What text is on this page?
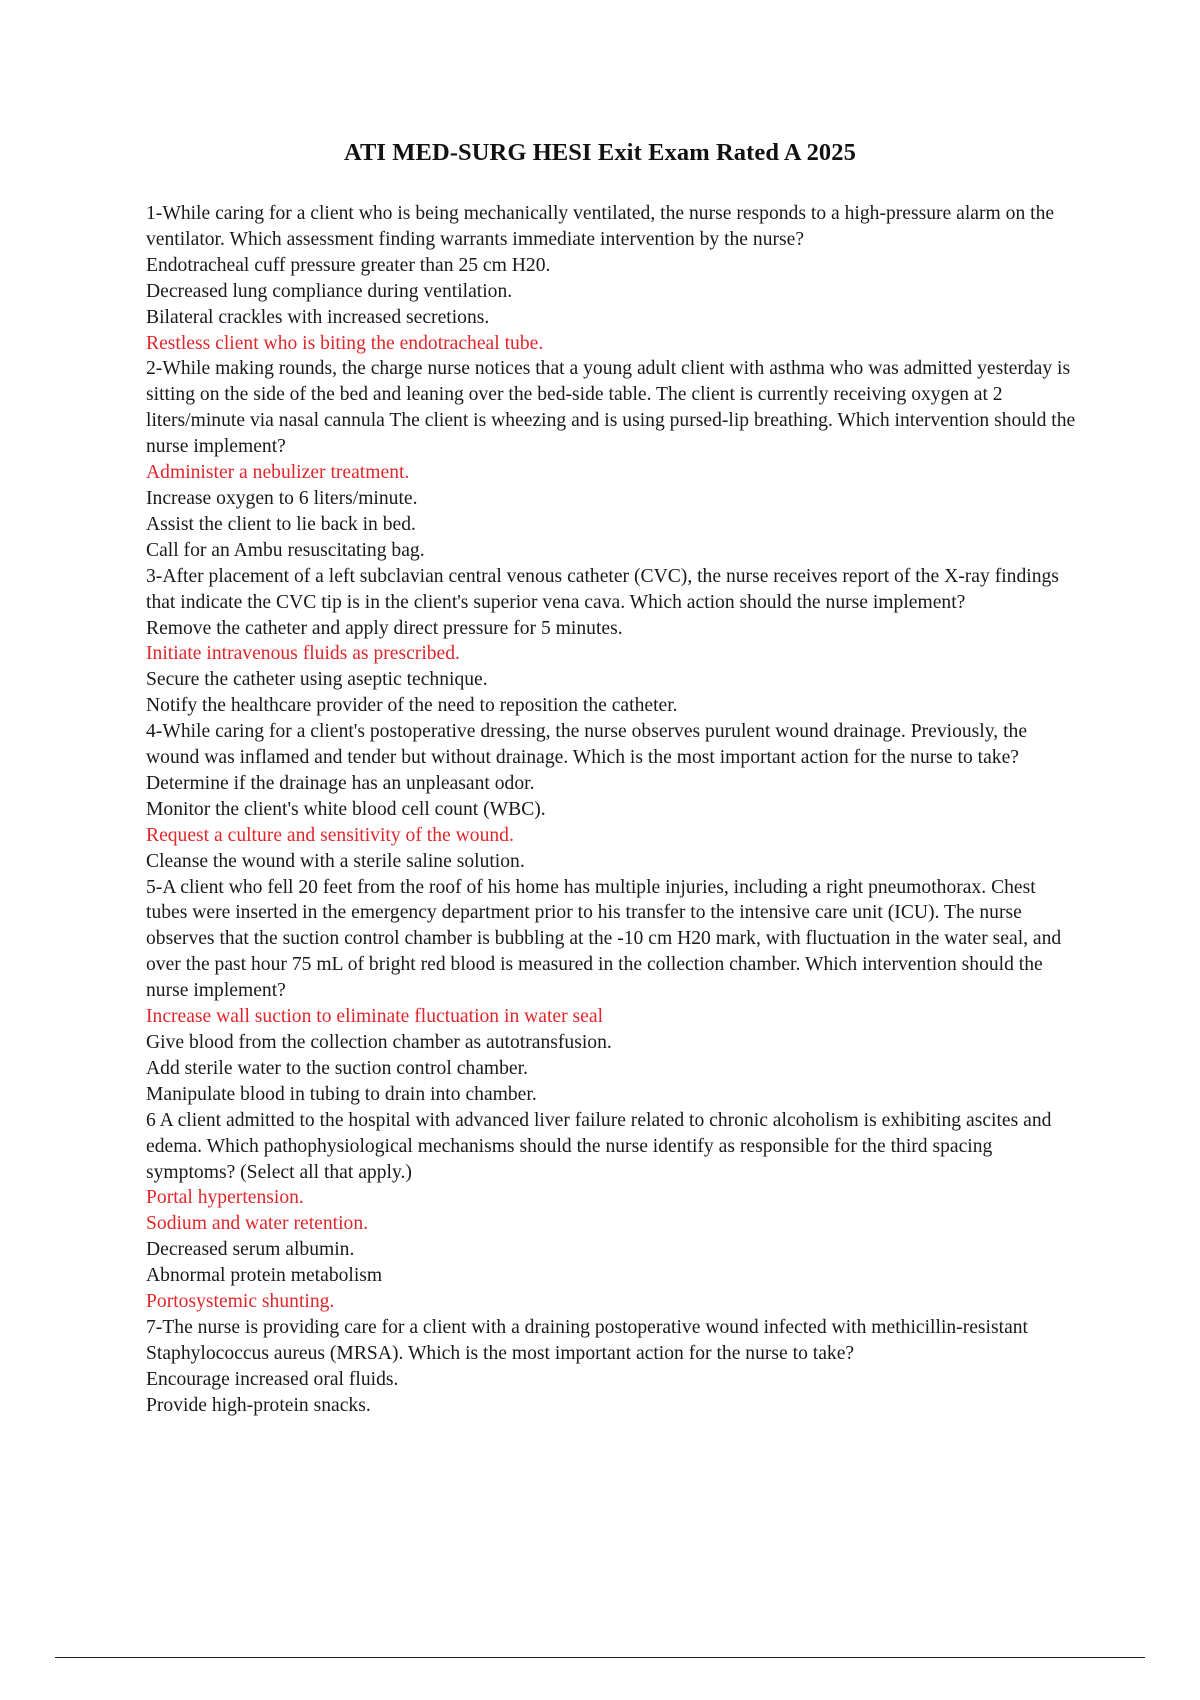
ATI MED-SURG HESI Exit Exam Rated A 2025

1-While caring for a client who is being mechanically ventilated, the nurse responds to a high-pressure alarm on the ventilator. Which assessment finding warrants immediate intervention by the nurse?

Endotracheal cuff pressure greater than 25 cm H20.

Decreased lung compliance during ventilation.

Bilateral crackles with increased secretions.

Restless client who is biting the endotracheal tube.

2-While making rounds, the charge nurse notices that a young adult client with asthma who was admitted yesterday is sitting on the side of the bed and leaning over the bed-side table. The client is currently receiving oxygen at 2 liters/minute via nasal cannula The client is wheezing and is using pursed-lip breathing. Which intervention should the nurse implement?

Administer a nebulizer treatment.

Increase oxygen to 6 liters/minute.

Assist the client to lie back in bed.

Call for an Ambu resuscitating bag.

3-After placement of a left subclavian central venous catheter (CVC), the nurse receives report of the X-ray findings that indicate the CVC tip is in the client's superior vena cava. Which action should the nurse implement?

Remove the catheter and apply direct pressure for 5 minutes.

Initiate intravenous fluids as prescribed.

Secure the catheter using aseptic technique.

Notify the healthcare provider of the need to reposition the catheter.

4-While caring for a client's postoperative dressing, the nurse observes purulent wound drainage. Previously, the wound was inflamed and tender but without drainage. Which is the most important action for the nurse to take?

Determine if the drainage has an unpleasant odor.

Monitor the client's white blood cell count (WBC).

Request a culture and sensitivity of the wound.

Cleanse the wound with a sterile saline solution.

5-A client who fell 20 feet from the roof of his home has multiple injuries, including a right pneumothorax. Chest tubes were inserted in the emergency department prior to his transfer to the intensive care unit (ICU). The nurse observes that the suction control chamber is bubbling at the -10 cm H20 mark, with fluctuation in the water seal, and over the past hour 75 mL of bright red blood is measured in the collection chamber. Which intervention should the nurse implement?

Increase wall suction to eliminate fluctuation in water seal

Give blood from the collection chamber as autotransfusion.

Add sterile water to the suction control chamber.

Manipulate blood in tubing to drain into chamber.

6 A client admitted to the hospital with advanced liver failure related to chronic alcoholism is exhibiting ascites and edema. Which pathophysiological mechanisms should the nurse identify as responsible for the third spacing symptoms? (Select all that apply.)

Portal hypertension.

Sodium and water retention.

Decreased serum albumin.

Abnormal protein metabolism

Portosystemic shunting.

7-The nurse is providing care for a client with a draining postoperative wound infected with methicillin-resistant Staphylococcus aureus (MRSA). Which is the most important action for the nurse to take?

Encourage increased oral fluids.

Provide high-protein snacks.
